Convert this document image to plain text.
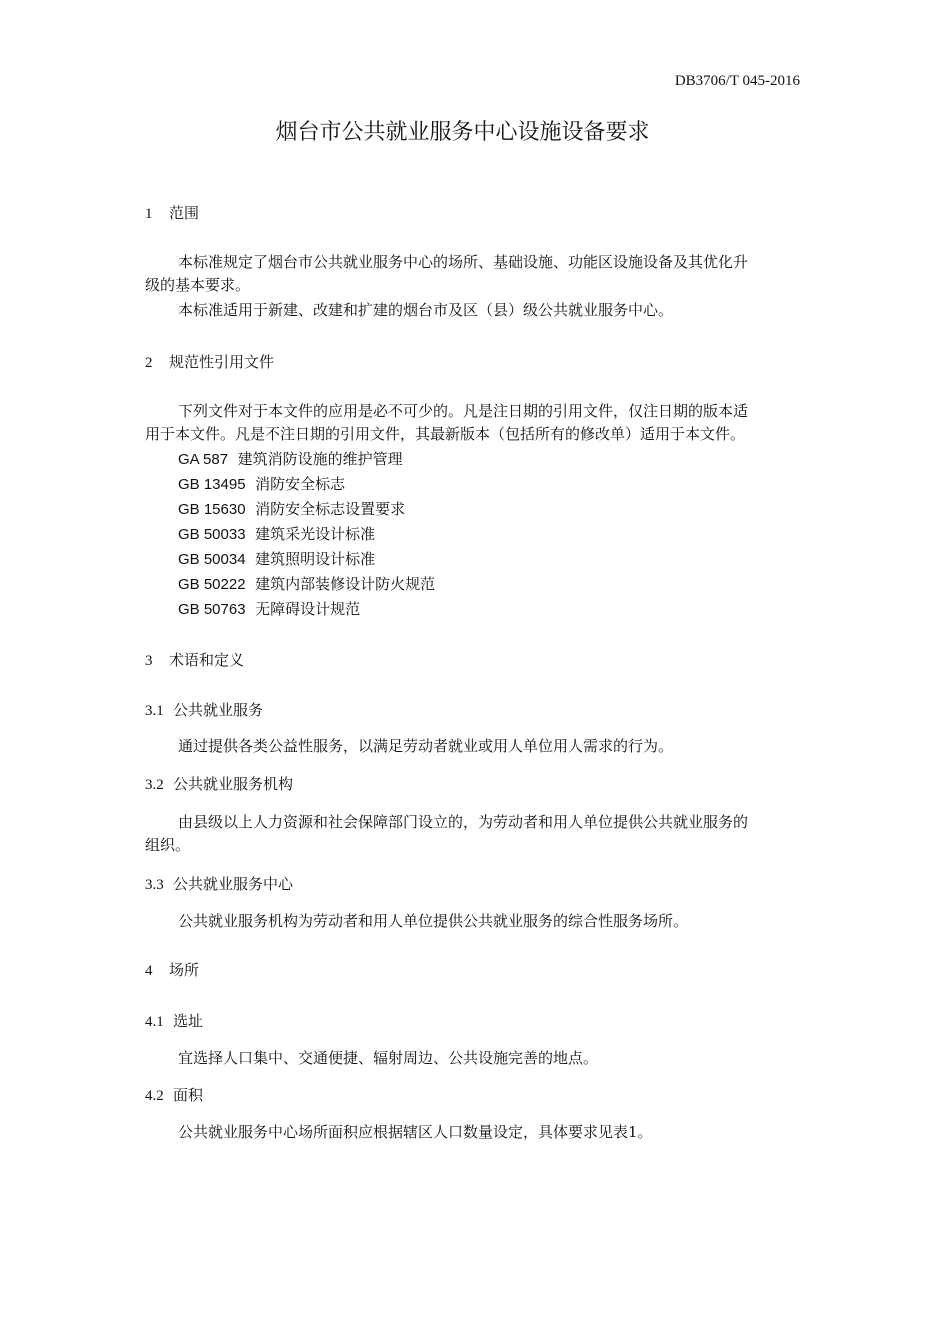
DB3706/T 045-2016
烟台市公共就业服务中心设施设备要求
1 范围
本标准规定了烟台市公共就业服务中心的场所、基础设施、功能区设施设备及其优化升
级的基本要求。
本标准适用于新建、改建和扩建的烟台市及区（县）级公共就业服务中心。
2 规范性引用文件
下列文件对于本文件的应用是必不可少的。凡是注日期的引用文件，仅注日期的版本适
用于本文件。凡是不注日期的引用文件，其最新版本（包括所有的修改单）适用于本文件。
GA 587 建筑消防设施的维护管理
GB 13495 消防安全标志
GB 15630 消防安全标志设置要求
GB 50033 建筑采光设计标准
GB 50034 建筑照明设计标准
GB 50222 建筑内部装修设计防火规范
GB 50763 无障碍设计规范
3 术语和定义
3.1 公共就业服务
通过提供各类公益性服务，以满足劳动者就业或用人单位用人需求的行为。
3.2 公共就业服务机构
由县级以上人力资源和社会保障部门设立的，为劳动者和用人单位提供公共就业服务的
组织。
3.3 公共就业服务中心
公共就业服务机构为劳动者和用人单位提供公共就业服务的综合性服务场所。
4 场所
4.1 选址
宜选择人口集中、交通便捷、辐射周边、公共设施完善的地点。
4.2 面积
公共就业服务中心场所面积应根据辖区人口数量设定，具体要求见表1。
